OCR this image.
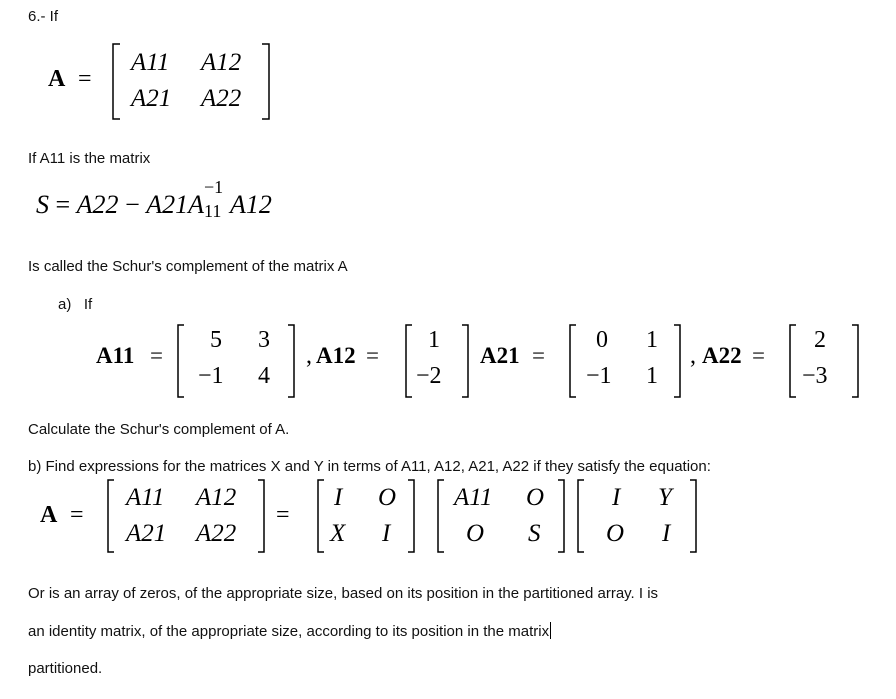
6.- If
A =
A11 A12
A21 A22
If A11 is the matrix
S = A22 − A21A
−1
11 A12
Is called the Schur's complement of the matrix A
a) If
A11 =
5 3
−1 4
, A12 =
1
−2
A21 =
0 1
−1 1
, A22 =
2
−3
Calculate the Schur's complement of A.
b) Find expressions for the matrices X and Y in terms of A11, A12, A21, A22 if they satisfy the equation:
A =
A11 A12
A21 A22
=
I O
X I
A11 O
O S
I Y
O I
Or is an array of zeros, of the appropriate size, based on its position in the partitioned array. I is
an identity matrix, of the appropriate size, according to its position in the matrix
partitioned.
